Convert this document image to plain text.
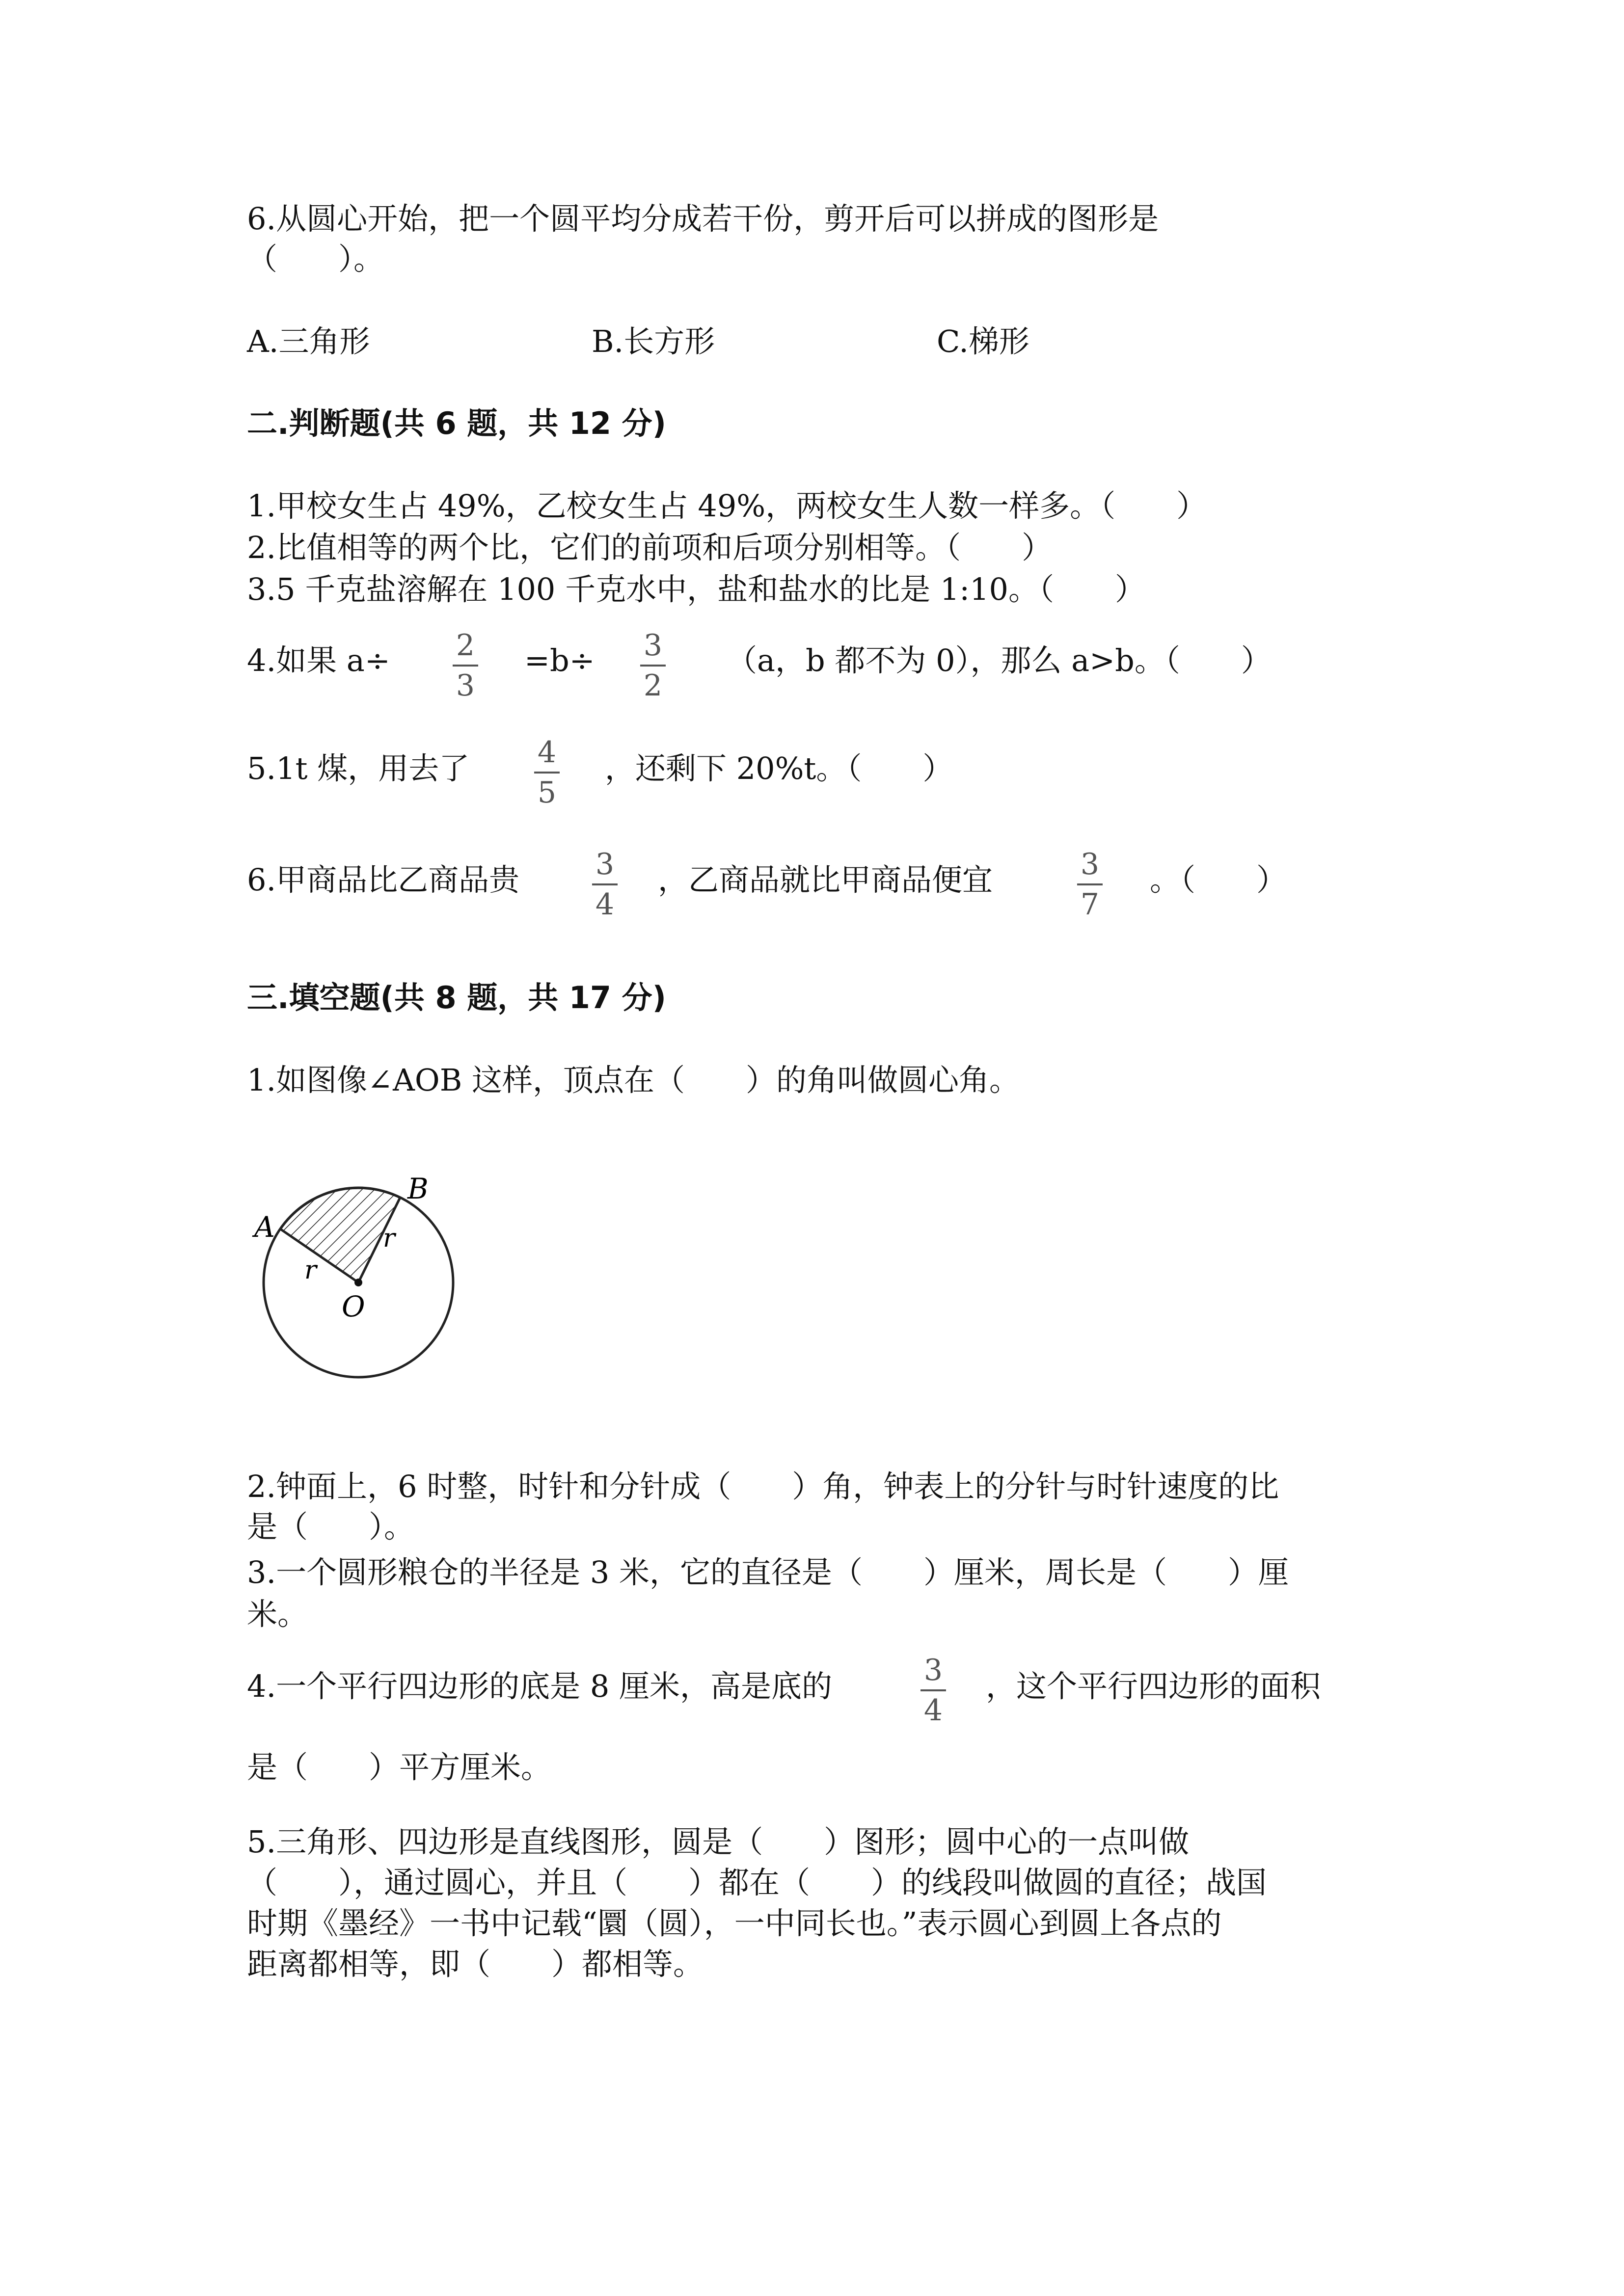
6.从圆心开始，把一个圆平均分成若干份，剪开后可以拼成的图形是
（　　）。
A.三角形	B.长方形	C.梯形
二.判断题(共 6 题，共 12 分)
1.甲校女生占 49%，乙校女生占 49%，两校女生人数一样多。（　　）
2.比值相等的两个比，它们的前项和后项分别相等。（　　）
3.5 千克盐溶解在 100 千克水中，盐和盐水的比是 1:10。（　　）
4.如果 a÷ 2
3
=b÷ 3
2
（a，b 都不为 0），那么 a>b。（　　）
5.1t 煤，用去了 4
5
，还剩下 20%t。（　　）
6.甲商品比乙商品贵	3
4
，乙商品就比甲商品便宜	3
7
。（　　）
三.填空题(共 8 题，共 17 分)
1.如图像∠AOB 这样，顶点在（　　）的角叫做圆心角。
A
B
O
r
r
2.钟面上，6 时整，时针和分针成（　　）角，钟表上的分针与时针速度的比
是（　　）。
3.一个圆形粮仓的半径是 3 米，它的直径是（　　）厘米，周长是（　　）厘
米。
4.一个平行四边形的底是 8 厘米，高是底的	3
4
，这个平行四边形的面积
是（　　）平方厘米。
5.三角形、四边形是直线图形，圆是（　　）图形；圆中心的一点叫做
（　　），通过圆心，并且（　　）都在（　　）的线段叫做圆的直径；战国
时期《墨经》一书中记载“圜（圆），一中同长也。”表示圆心到圆上各点的
距离都相等，即（　　）都相等。
